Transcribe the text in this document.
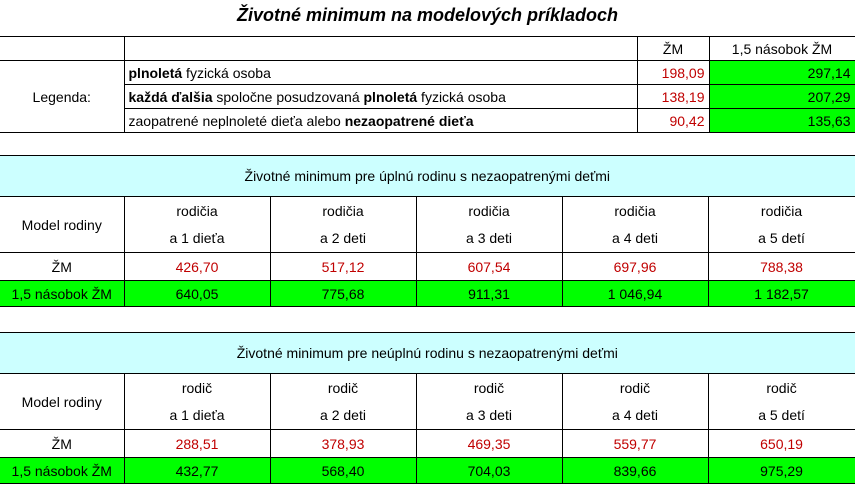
Životné minimum na modelových príkladoch
		ŽM	1,5 násobok ŽM
Legenda:	plnoletá fyzická osoba	198,09	297,14
	každá ďalšia spoločne posudzovaná plnoletá fyzická osoba	138,19	207,29
	zaopatrené neplnoleté dieťa alebo nezaopatrené dieťa	90,42	135,63
Životné minimum pre úplnú rodinu s nezaopatrenými deťmi					
Model rodiny	rodičia	rodičia	rodičia	rodičia	rodičia
	a 1 dieťa	a 2 deti	a 3 deti	a 4 deti	a 5 detí
ŽM	426,70	517,12	607,54	697,96	788,38
1,5 násobok ŽM	640,05	775,68	911,31	1 046,94	1 182,57
Životné minimum pre neúplnú rodinu s nezaopatrenými deťmi					
Model rodiny	rodič	rodič	rodič	rodič	rodič
	a 1 dieťa	a 2 deti	a 3 deti	a 4 deti	a 5 detí
ŽM	288,51	378,93	469,35	559,77	650,19
1,5 násobok ŽM	432,77	568,40	704,03	839,66	975,29
